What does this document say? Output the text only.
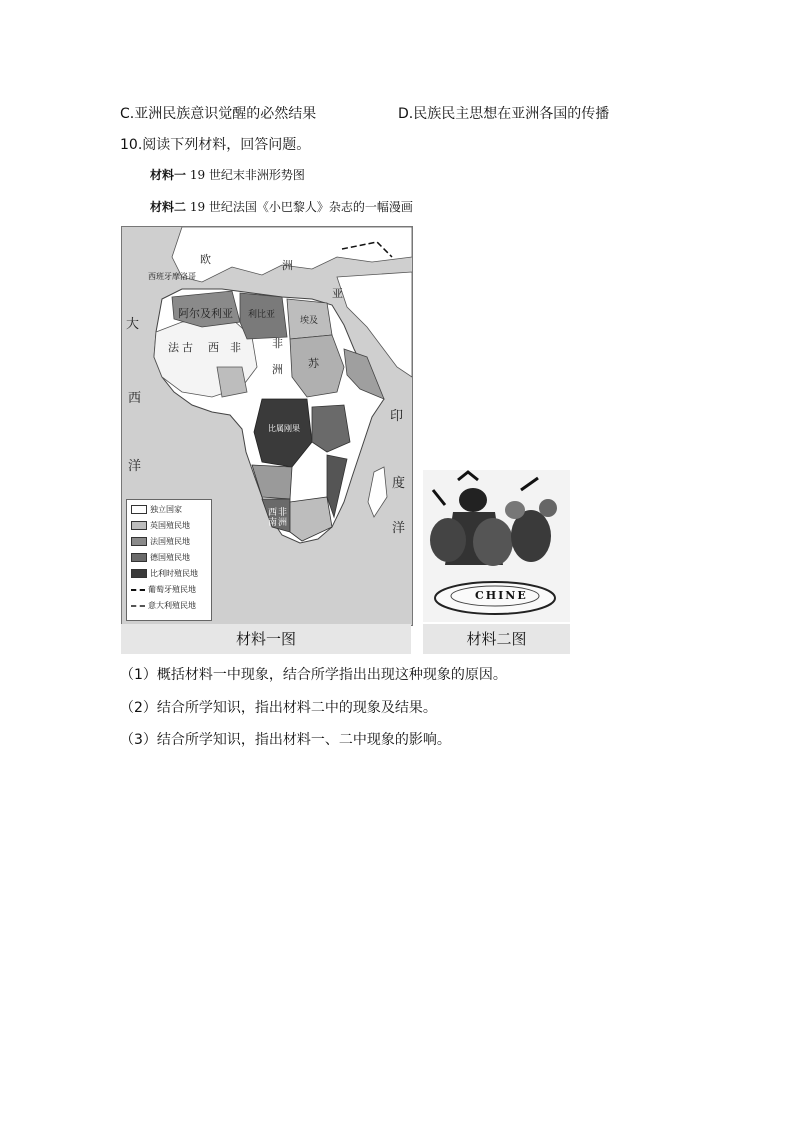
C.亚洲民族意识觉醒的必然结果	D.民族民主思想在亚洲各国的传播
10.阅读下列材料，回答问题。
材料一 19 世纪末非洲形势图
材料二 19 世纪法国《小巴黎人》杂志的一幅漫画
欧	洲
亚
大
西
洋
印
度
洋
西班牙摩洛哥
阿尔及利亚 利比亚
埃及
法 古 西 非	非
洲 苏
比属刚果
西
南
非
洲
独立国家
英国殖民地
法国殖民地
德国殖民地
比利时殖民地
葡萄牙殖民地
意大利殖民地
材料一图
CHINE
材料二图
（1）概括材料一中现象，结合所学指出出现这种现象的原因。
（2）结合所学知识，指出材料二中的现象及结果。
（3）结合所学知识，指出材料一、二中现象的影响。
